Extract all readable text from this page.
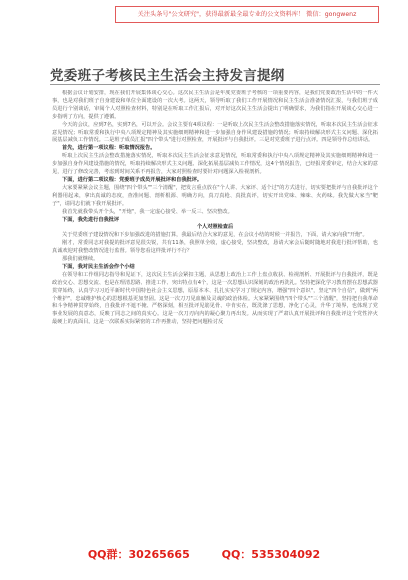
关注头条号"公文研究"，获得最新最全最专业的公文资料库！ 微信：gongwenz
党委班子考核民主生活会主持发言提纲

根据会议计划安排，现在我们开展集体谈心交心。这次民主生活会是年度党委班子考核的一项重要内容，是我们党委政治生活中的一件大事，也是对我们班子自身建设和单位全面建设的一次大考。这两天，领导听取了我们工作开展情况和民主生活会准备情况汇报，与我们班子成员进行个别谈话，审阅个人对照检查材料，特别是在听取工作汇报后，对开好这次民主生活会提出了明确要求，为我们指在开展谈心交心进一步指明了方向，提供了遵循。

今天的会议，应到7名，实到7名，可以开会。会议主要有4项议程：一是听取上次民主生活会整改措施落实情况，听取本次民主生活会征求意见情况；听取常委和执行中央八项规定精神及其实施细则精神和进一步加强自身作风建设措施的情况；听取持续解决形式主义问题、深化拓展基层减负工作情况。二是班子成员汇报"四个带头"进行对照检查，开展批评与自我批评。三是对党委班子进行点评。四是领导作总结讲话。

首先，进行第一项议程：听取情况报告。

听取上次民主生活会整改措施落实情况，听取本次民主生活会征求意见情况，听取常委和执行中央八项规定精神及其实施细则精神和进一步加强自身作风建设措施的情况，听取持续解决形式主义问题、深化拓展基层减负工作情况，这4个情况报告，已经报常委审定，结合大家的意见，进行了修改完善，考虑到时间关系不再报告，大家对照检查时要针对问题深入检视剖析。

下面，进行第二项议程：党委班子成员开展批评和自我批评。

大家要紧紧会议主题，围绕"四个带头""三个清醒"，把发言重点放在"个人讲、大家评、适个过"的方式进行，切实要把批评与自我批评这个利器用起来，拿出真诚的态度，查准问题、剖析根源、明确方向，真刀真枪、真批真评，切实开出党味、辣味、火药味。我先做大家当"靶子"，请同志们就下我开展批评。

我首先就我带头开个头，"开炮"，我一定虚心接受、举一反三、坚决整改。

下面，我先进行自我批评

个人对照检查后

关于党委班子建设情况和下步加强改进的措施打算，我最后结合大家的意见，在会议小结的时候一并报告，下面，请大家向我"开炮"。

刚才，常委同志对我提的批评意见很尖锐，共有11条，我照单全收，虚心接受，坚决整改，恳请大家会后随时随地对我进行批评帮助，也真诚欢迎对我整改情况进行监督。领导您看这样批评行不行？

那我们就继续。

下面，我对民主生活会作个小结

在领导和工作组同志指导和见证下，这次民主生活会紧扣主题，从思想上政治上工作上盘点收获、检视剖析、开展批评与自我批评，既是政治交心、思想交流、也是在理清思路、推进工作、突出特点有4个，这是一次思想认识深刻的政治再洗礼。坚持把深化学习教育摆在思想武器贯穿始终，认真学习习近平新时代中国特色社会主义思想，原原本本、扎扎实实学习了规定内容，增强"四个意识"，坚定"四个自信"，做到"两个维护"，忠诚维护核心的思想根基更加坚固。这是一次刀刀见血触及灵魂的政治体检。大家紧紧围绕"四个带头""三个清醒"，坚持把自我革命和斗争精神贯穿始终，自我批评不遮不掩、严格深刻，相互批评见筋见骨、中肯实在，既洗涤了思想，净化了心灵，升华了境界，也体现了党事业发展的真意态，反映了同志之间的真实心。这是一次刀刃向内的凝心聚力再出发。从而实现了严肃认真开展批评和自我批评这个党性淬火最硬上的真面目。这是一次联系实际紧密的工作再推动，坚持把问题检讨反

QQ群：30265665	QQ：535304092
